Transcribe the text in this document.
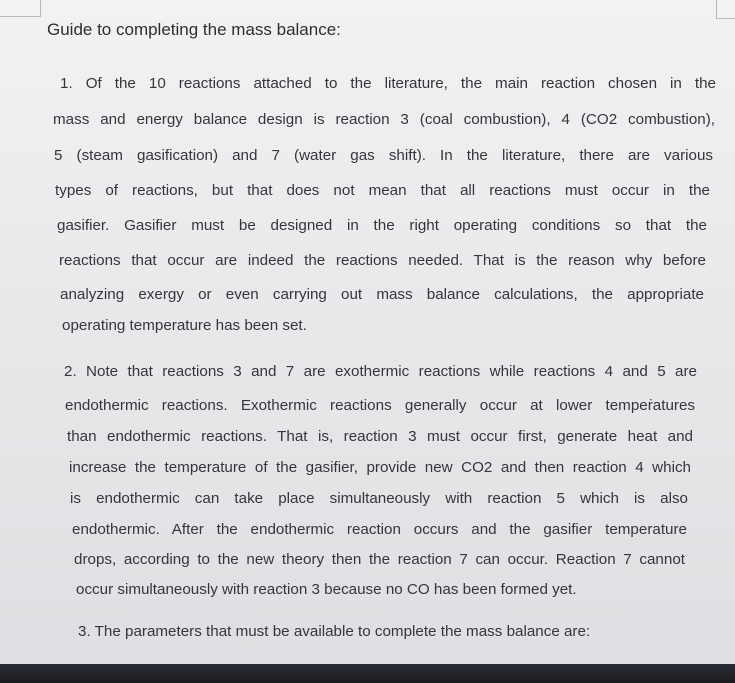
Guide to completing the mass balance:
1. Of the 10 reactions attached to the literature, the main reaction chosen in the
mass and energy balance design is reaction 3 (coal combustion), 4 (CO2 combustion),
5 (steam gasification) and 7 (water gas shift). In the literature, there are various
types of reactions, but that does not mean that all reactions must occur in the
gasifier. Gasifier must be designed in the right operating conditions so that the
reactions that occur are indeed the reactions needed. That is the reason why before
analyzing exergy or even carrying out mass balance calculations, the appropriate
operating temperature has been set.
2. Note that reactions 3 and 7 are exothermic reactions while reactions 4 and 5 are
endothermic reactions. Exothermic reactions generally occur at lower tempeṙatures
than endothermic reactions. That is, reaction 3 must occur first, generate heat and
increase the temperature of the gasifier, provide new CO2 and then reaction 4 which
is endothermic can take place simultaneously with reaction 5 which is also
endothermic. After the endothermic reaction occurs and the gasifier temperature
drops, according to the new theory then the reaction 7 can occur. Reaction 7 cannot
occur simultaneously with reaction 3 because no CO has been formed yet.
3. The parameters that must be available to complete the mass balance are:
